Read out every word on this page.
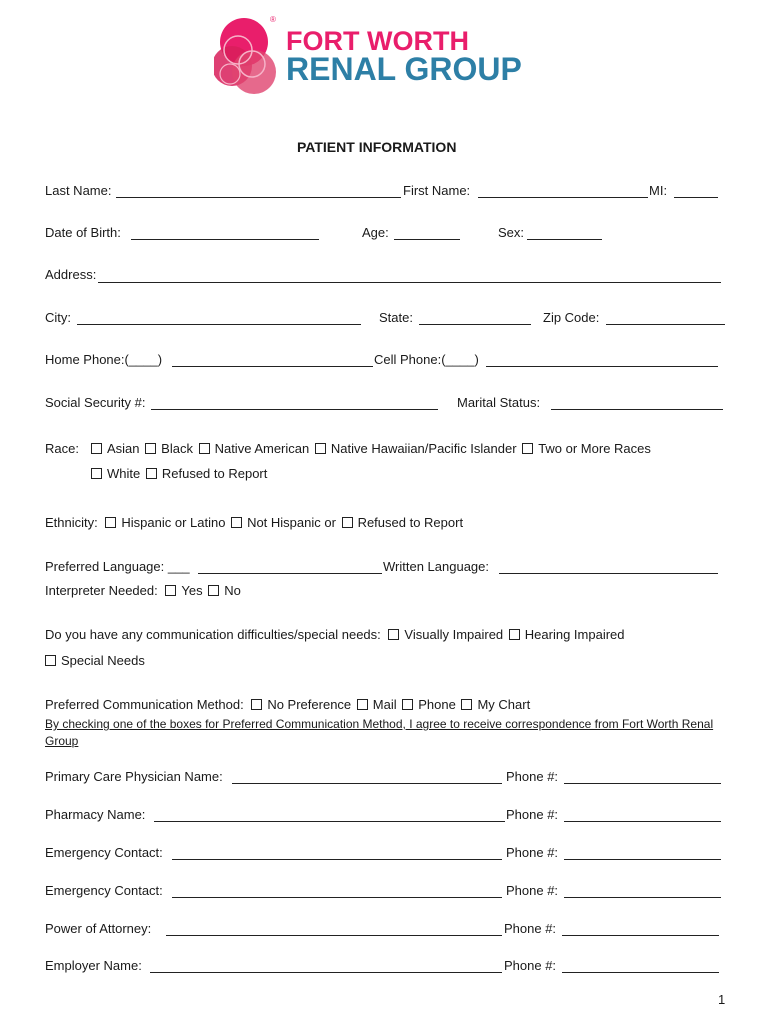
®
FORT WORTH
RENAL GROUP
PATIENT INFORMATION
Last Name:	First Name:	MI:
Date of Birth:	Age:	Sex:
Address:
City:	State:	Zip Code:
Home Phone:(____)	Cell Phone:(____)
Social Security #:	Marital Status:
Race:	Asian Black Native American Native Hawaiian/Pacific Islander Two or More Races
White Refused to Report
Ethnicity: Hispanic or Latino Not Hispanic or Refused to Report
Preferred Language: ___	Written Language:
Interpreter Needed: Yes No
Do you have any communication difficulties/special needs: Visually Impaired Hearing Impaired
Special Needs
Preferred Communication Method: No Preference Mail Phone My Chart
By checking one of the boxes for Preferred Communication Method, I agree to receive correspondence from Fort Worth Renal Group
Primary Care Physician Name:	Phone #:
Pharmacy Name:	Phone #:
Emergency Contact:	Phone #:
Emergency Contact:	Phone #:
Power of Attorney:	Phone #:
Employer Name:	Phone #:
1
